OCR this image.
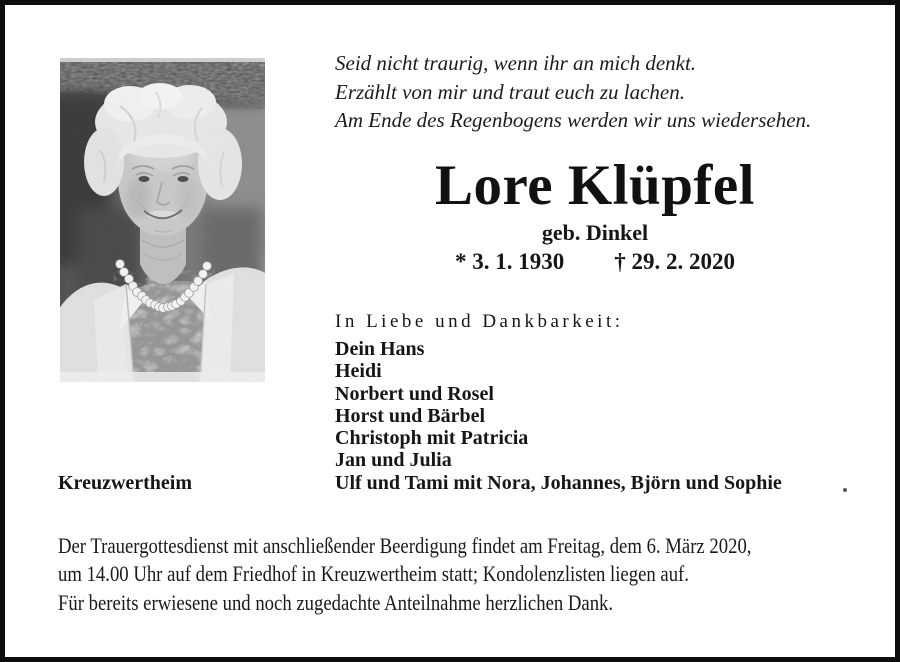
Seid nicht traurig, wenn ihr an mich denkt.
Erzählt von mir und traut euch zu lachen.
Am Ende des Regenbogens werden wir uns wiedersehen.
Lore Klüpfel
geb. Dinkel
* 3. 1. 1930 † 29. 2. 2020
In Liebe und Dankbarkeit:
Dein Hans
Heidi
Norbert und Rosel
Horst und Bärbel
Christoph mit Patricia
Jan und Julia
Ulf und Tami mit Nora, Johannes, Björn und Sophie
Kreuzwertheim
Der Trauergottesdienst mit anschließender Beerdigung findet am Freitag, dem 6. März 2020,
um 14.00 Uhr auf dem Friedhof in Kreuzwertheim statt; Kondolenzlisten liegen auf.
Für bereits erwiesene und noch zugedachte Anteilnahme herzlichen Dank.
